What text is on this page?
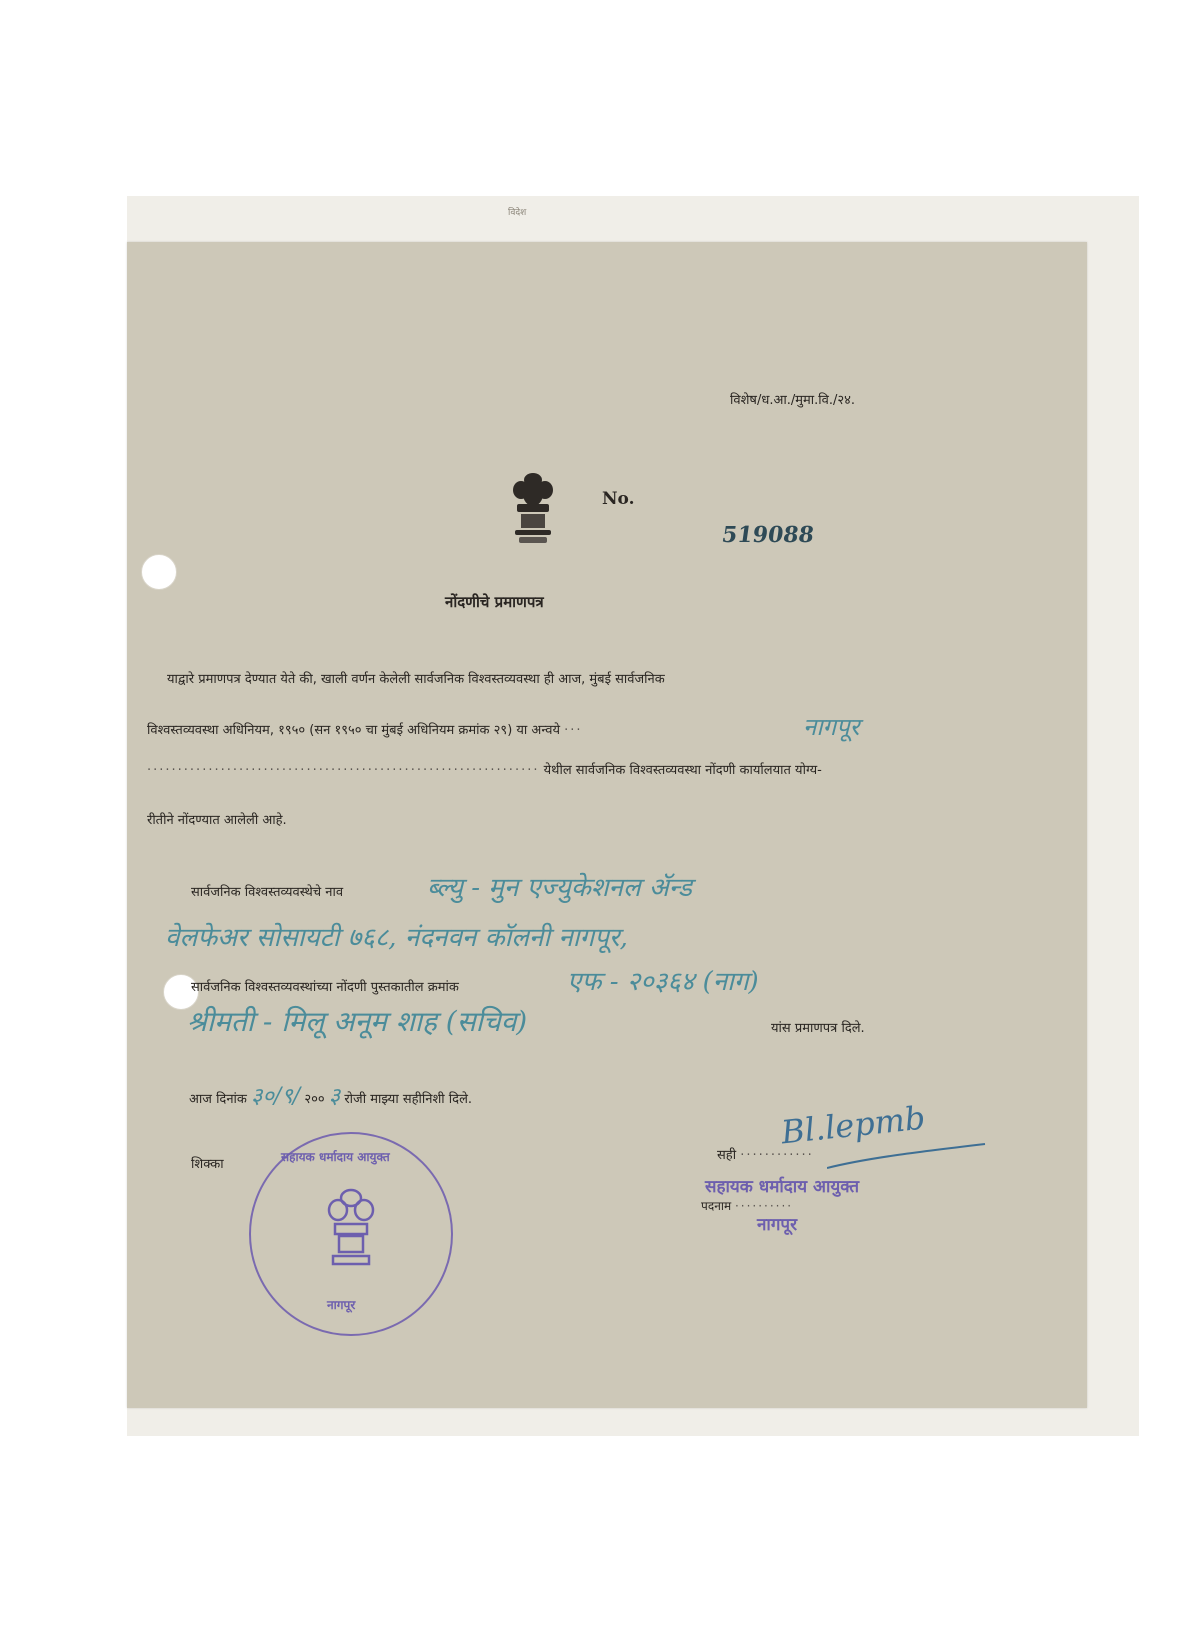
विदेश
विशेष/ध.आ./मुमा.वि./२४.
No.
519088
नोंदणीचे प्रमाणपत्र
याद्वारे प्रमाणपत्र देण्यात येते की, खाली वर्णन केलेली सार्वजनिक विश्वस्तव्यवस्था ही आज, मुंबई सार्वजनिक
विश्वस्तव्यवस्था अधिनियम, १९५० (सन १९५० चा मुंबई अधिनियम क्रमांक २९) या अन्वये ···	नागपूर
································································ येथील सार्वजनिक विश्वस्तव्यवस्था नोंदणी कार्यालयात योग्य-
रीतीने नोंदण्यात आलेली आहे.
सार्वजनिक विश्वस्तव्यवस्थेचे नाव	ब्ल्यु - मुन एज्युकेशनल ॲन्ड
वेलफेअर सोसायटी ७६८, नंदनवन कॉलनी नागपूर,
सार्वजनिक विश्वस्तव्यवस्थांच्या नोंदणी पुस्तकातील क्रमांक	एफ - २०३६४ (नाग)
श्रीमती - मिलू अनूम शाह (सचिव)	यांस प्रमाणपत्र दिले.
आज दिनांक ३०/९/ २०० ३ रोजी माझ्या सहीनिशी दिले.
शिक्का	सहायक धर्मादाय आयुक्त
नागपूर
सही ············
Bl.lepmb
सहायक धर्मादाय आयुक्त
पदनाम ··········
नागपूर
